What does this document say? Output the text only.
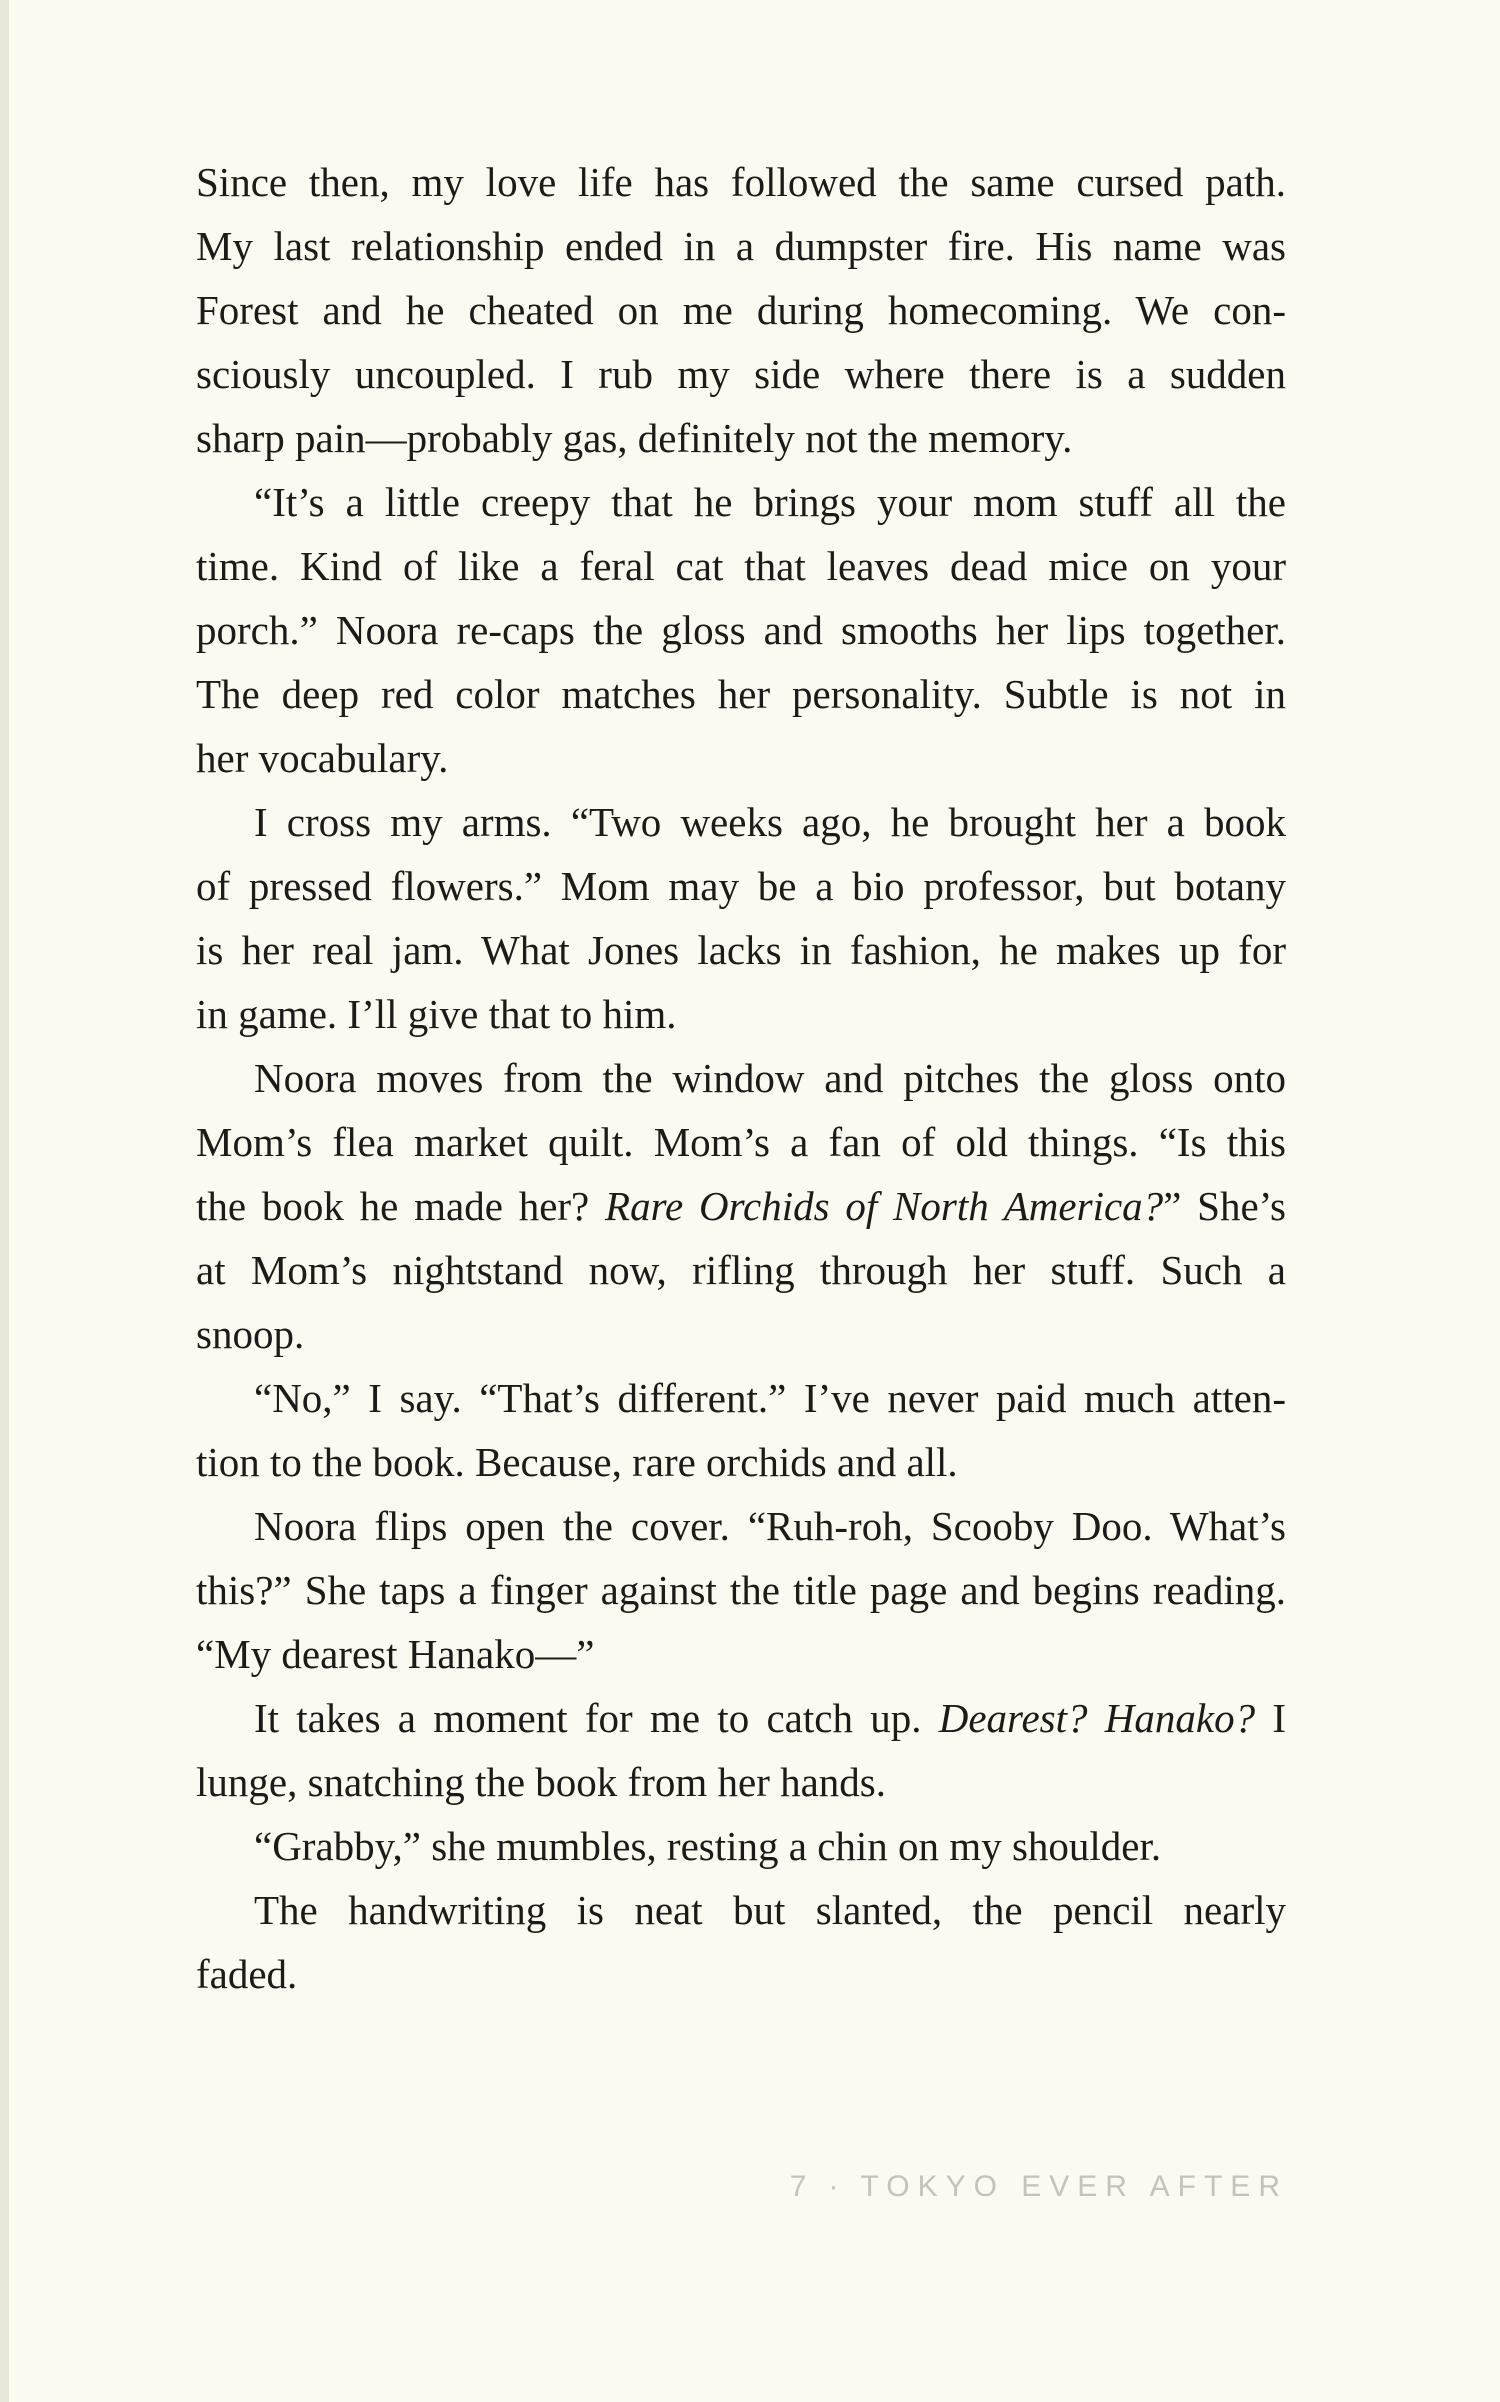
Since then, my love life has followed the same cursed path.
My last relationship ended in a dumpster fire. His name was
Forest and he cheated on me during homecoming. We con-
sciously uncoupled. I rub my side where there is a sudden
sharp pain—probably gas, definitely not the memory.
“It’s a little creepy that he brings your mom stuff all the
time. Kind of like a feral cat that leaves dead mice on your
porch.” Noora re-caps the gloss and smooths her lips together.
The deep red color matches her personality. Subtle is not in
her vocabulary.
I cross my arms. “Two weeks ago, he brought her a book
of pressed flowers.” Mom may be a bio professor, but botany
is her real jam. What Jones lacks in fashion, he makes up for
in game. I’ll give that to him.
Noora moves from the window and pitches the gloss onto
Mom’s flea market quilt. Mom’s a fan of old things. “Is this
the book he made her? Rare Orchids of North America?” She’s
at Mom’s nightstand now, rifling through her stuff. Such a
snoop.
“No,” I say. “That’s different.” I’ve never paid much atten-
tion to the book. Because, rare orchids and all.
Noora flips open the cover. “Ruh-roh, Scooby Doo. What’s
this?” She taps a finger against the title page and begins reading.
“My dearest Hanako—”
It takes a moment for me to catch up. Dearest? Hanako? I
lunge, snatching the book from her hands.
“Grabby,” she mumbles, resting a chin on my shoulder.
The handwriting is neat but slanted, the pencil nearly
faded.
7 · TOKYO EVER AFTER
